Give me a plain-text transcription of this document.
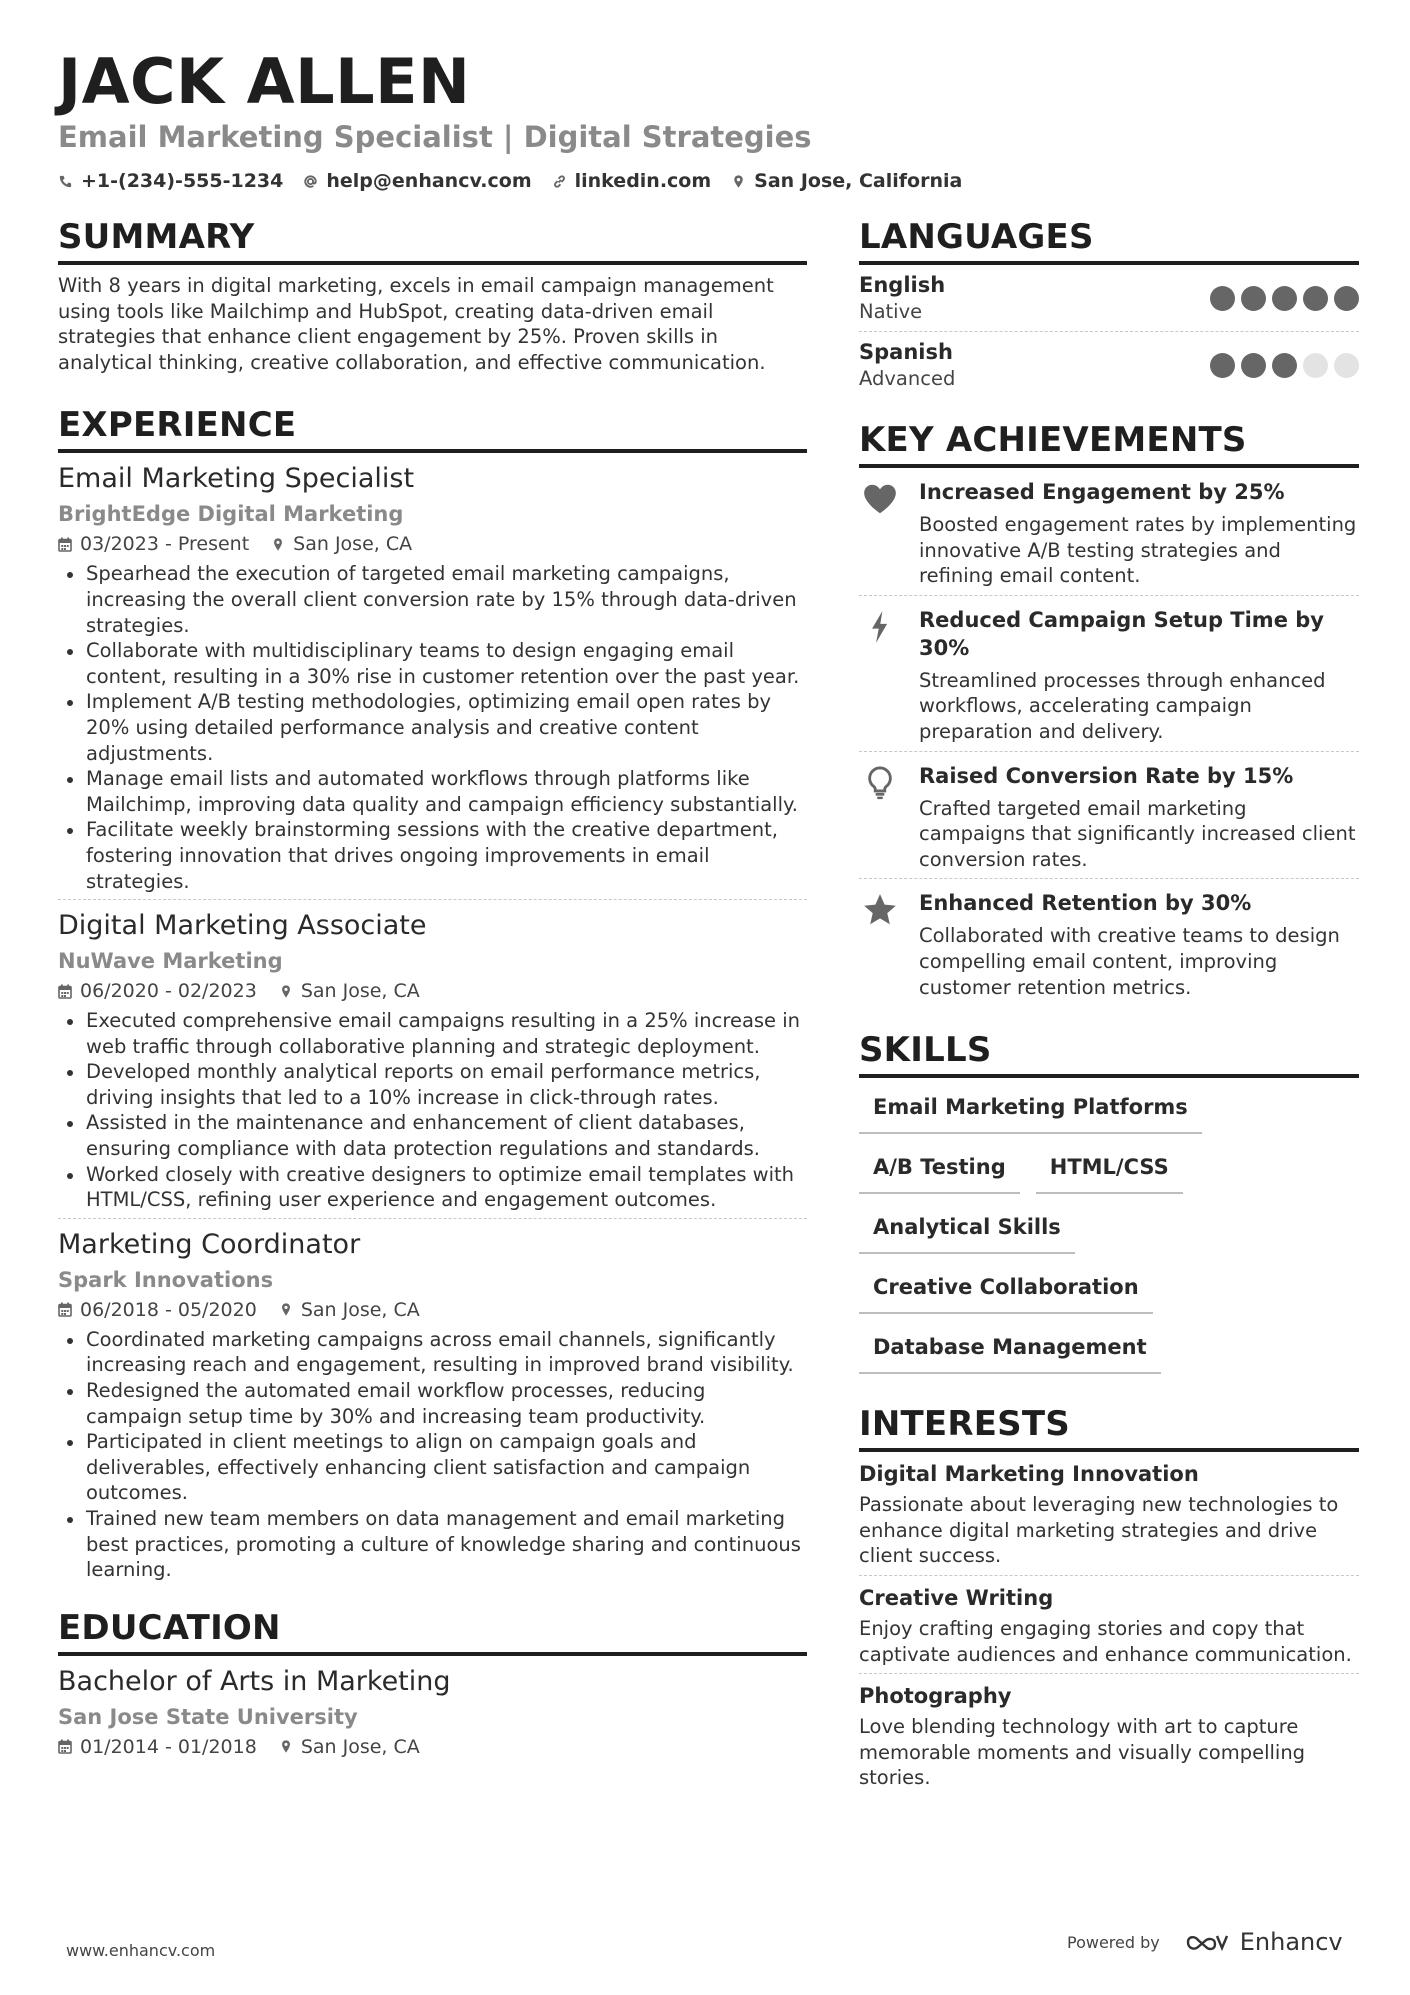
JACK ALLEN
Email Marketing Specialist | Digital Strategies
+1-(234)-555-1234 help@enhancv.com linkedin.com San Jose, California
SUMMARY

With 8 years in digital marketing, excels in email campaign management using tools like Mailchimp and HubSpot, creating data-driven email strategies that enhance client engagement by 25%. Proven skills in analytical thinking, creative collaboration, and effective communication.

EXPERIENCE
Email Marketing Specialist
BrightEdge Digital Marketing
03/2023 - Present San Jose, CA
Spearhead the execution of targeted email marketing campaigns, increasing the overall client conversion rate by 15% through data-driven strategies.
Collaborate with multidisciplinary teams to design engaging email content, resulting in a 30% rise in customer retention over the past year.
Implement A/B testing methodologies, optimizing email open rates by 20% using detailed performance analysis and creative content adjustments.
Manage email lists and automated workflows through platforms like Mailchimp, improving data quality and campaign efficiency substantially.
Facilitate weekly brainstorming sessions with the creative department, fostering innovation that drives ongoing improvements in email strategies.
Digital Marketing Associate
NuWave Marketing
06/2020 - 02/2023 San Jose, CA
Executed comprehensive email campaigns resulting in a 25% increase in web traffic through collaborative planning and strategic deployment.
Developed monthly analytical reports on email performance metrics, driving insights that led to a 10% increase in click-through rates.
Assisted in the maintenance and enhancement of client databases, ensuring compliance with data protection regulations and standards.
Worked closely with creative designers to optimize email templates with HTML/CSS, refining user experience and engagement outcomes.
Marketing Coordinator
Spark Innovations
06/2018 - 05/2020 San Jose, CA
Coordinated marketing campaigns across email channels, significantly increasing reach and engagement, resulting in improved brand visibility.
Redesigned the automated email workflow processes, reducing campaign setup time by 30% and increasing team productivity.
Participated in client meetings to align on campaign goals and deliverables, effectively enhancing client satisfaction and campaign outcomes.
Trained new team members on data management and email marketing best practices, promoting a culture of knowledge sharing and continuous learning.
EDUCATION
Bachelor of Arts in Marketing
San Jose State University
01/2014 - 01/2018 San Jose, CA
LANGUAGES
English
Native
Spanish
Advanced
KEY ACHIEVEMENTS
Increased Engagement by 25%
Boosted engagement rates by implementing innovative A/B testing strategies and refining email content.
Reduced Campaign Setup Time by 30%
Streamlined processes through enhanced workflows, accelerating campaign preparation and delivery.
Raised Conversion Rate by 15%
Crafted targeted email marketing campaigns that significantly increased client conversion rates.
Enhanced Retention by 30%
Collaborated with creative teams to design compelling email content, improving customer retention metrics.
SKILLS
Email Marketing Platforms
A/B Testing	HTML/CSS
Analytical Skills
Creative Collaboration
Database Management
INTERESTS
Digital Marketing Innovation
Passionate about leveraging new technologies to enhance digital marketing strategies and drive client success.
Creative Writing
Enjoy crafting engaging stories and copy that captivate audiences and enhance communication.
Photography
Love blending technology with art to capture memorable moments and visually compelling stories.
www.enhancv.com	Powered by	Enhancv
